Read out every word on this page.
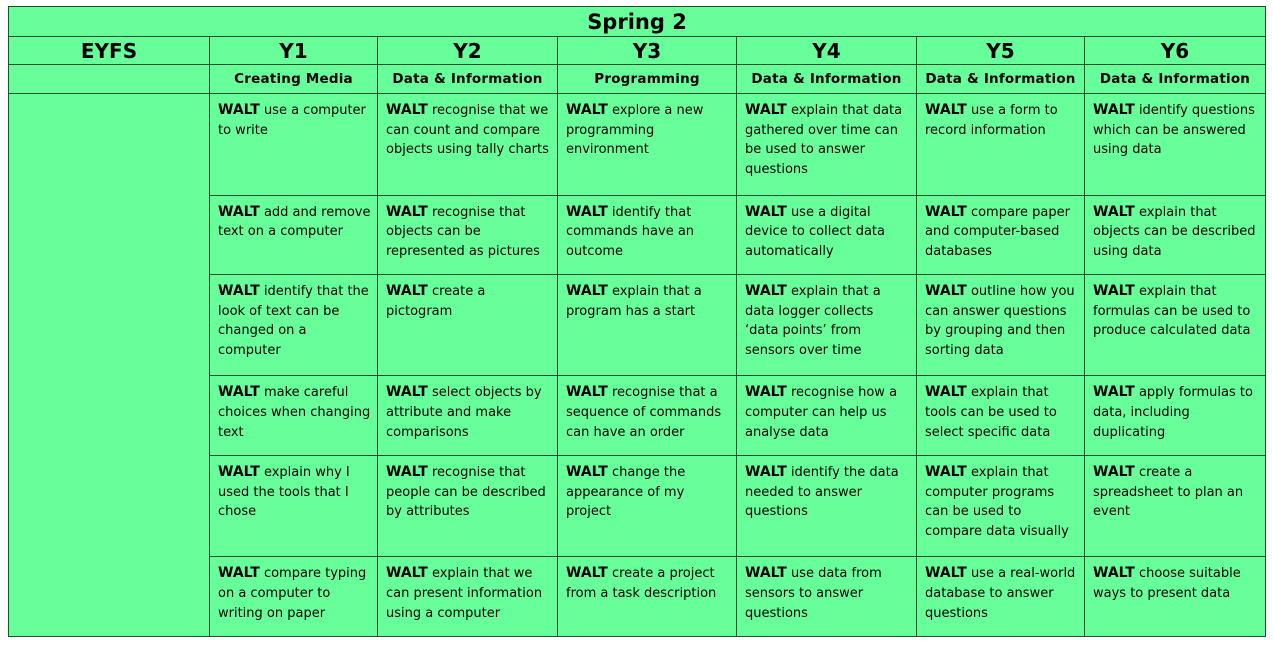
Spring 2						
EYFS	Y1	Y2	Y3	Y4	Y5	Y6
	Creating Media	Data & Information	Programming	Data & Information	Data & Information	Data & Information
	WALT use a computer to write	WALT recognise that we can count and compare objects using tally charts	WALT explore a new programming environment	WALT explain that data gathered over time can be used to answer questions	WALT use a form to record information	WALT identify questions which can be answered using data
	WALT add and remove text on a computer	WALT recognise that objects can be represented as pictures	WALT identify that commands have an outcome	WALT use a digital device to collect data automatically	WALT compare paper and computer-based databases	WALT explain that objects can be described using data
	WALT identify that the look of text can be changed on a computer	WALT create a pictogram	WALT explain that a program has a start	WALT explain that a data logger collects ‘data points’ from sensors over time	WALT outline how you can answer questions by grouping and then sorting data	WALT explain that formulas can be used to produce calculated data
	WALT make careful choices when changing text	WALT select objects by attribute and make comparisons	WALT recognise that a sequence of commands can have an order	WALT recognise how a computer can help us analyse data	WALT explain that tools can be used to select specific data	WALT apply formulas to data, including duplicating
	WALT explain why I used the tools that I chose	WALT recognise that people can be described by attributes	WALT change the appearance of my project	WALT identify the data needed to answer questions	WALT explain that computer programs can be used to compare data visually	WALT create a spreadsheet to plan an event
	WALT compare typing on a computer to writing on paper	WALT explain that we can present information using a computer	WALT create a project from a task description	WALT use data from sensors to answer questions	WALT use a real-world database to answer questions	WALT choose suitable ways to present data
